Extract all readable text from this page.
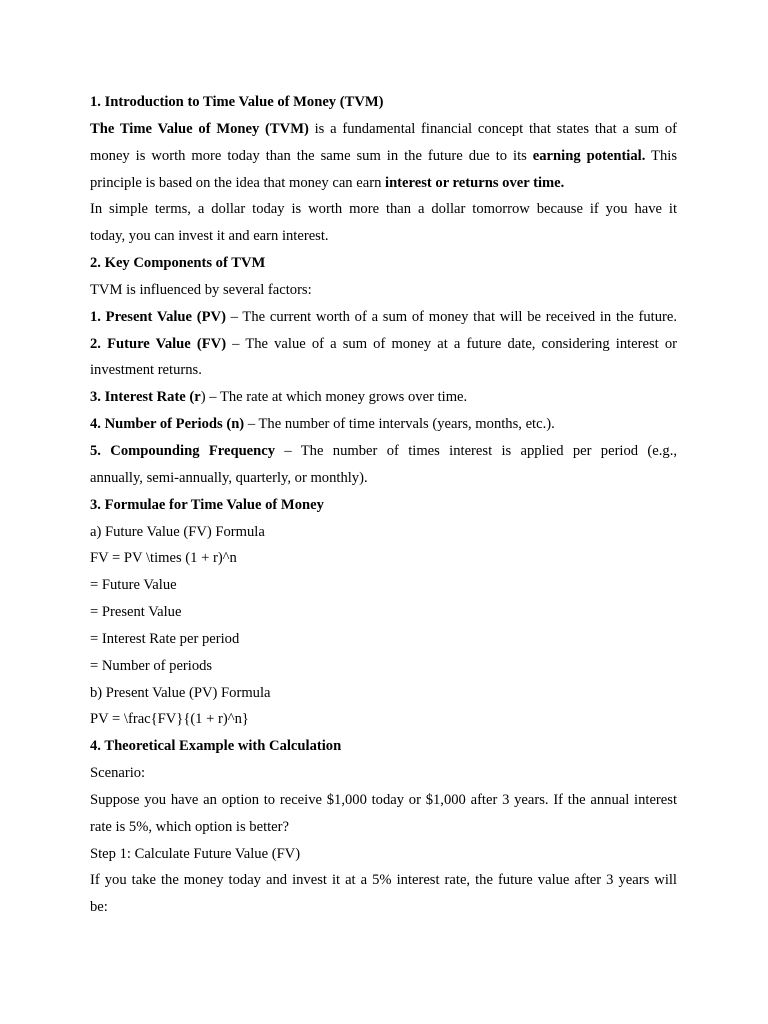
1. Introduction to Time Value of Money (TVM)
The Time Value of Money (TVM) is a fundamental financial concept that states that a sum of
money is worth more today than the same sum in the future due to its earning potential. This
principle is based on the idea that money can earn interest or returns over time.
In simple terms, a dollar today is worth more than a dollar tomorrow because if you have it
today, you can invest it and earn interest.
2. Key Components of TVM
TVM is influenced by several factors:
1. Present Value (PV) – The current worth of a sum of money that will be received in the future.
2. Future Value (FV) – The value of a sum of money at a future date, considering interest or
investment returns.
3. Interest Rate (r) – The rate at which money grows over time.
4. Number of Periods (n) – The number of time intervals (years, months, etc.).
5. Compounding Frequency – The number of times interest is applied per period (e.g.,
annually, semi-annually, quarterly, or monthly).
3. Formulae for Time Value of Money
a) Future Value (FV) Formula
FV = PV \times (1 + r)^n
= Future Value
= Present Value
= Interest Rate per period
= Number of periods
b) Present Value (PV) Formula
PV = \frac{FV}{(1 + r)^n}
4. Theoretical Example with Calculation
Scenario:
Suppose you have an option to receive $1,000 today or $1,000 after 3 years. If the annual interest
rate is 5%, which option is better?
Step 1: Calculate Future Value (FV)
If you take the money today and invest it at a 5% interest rate, the future value after 3 years will
be:
